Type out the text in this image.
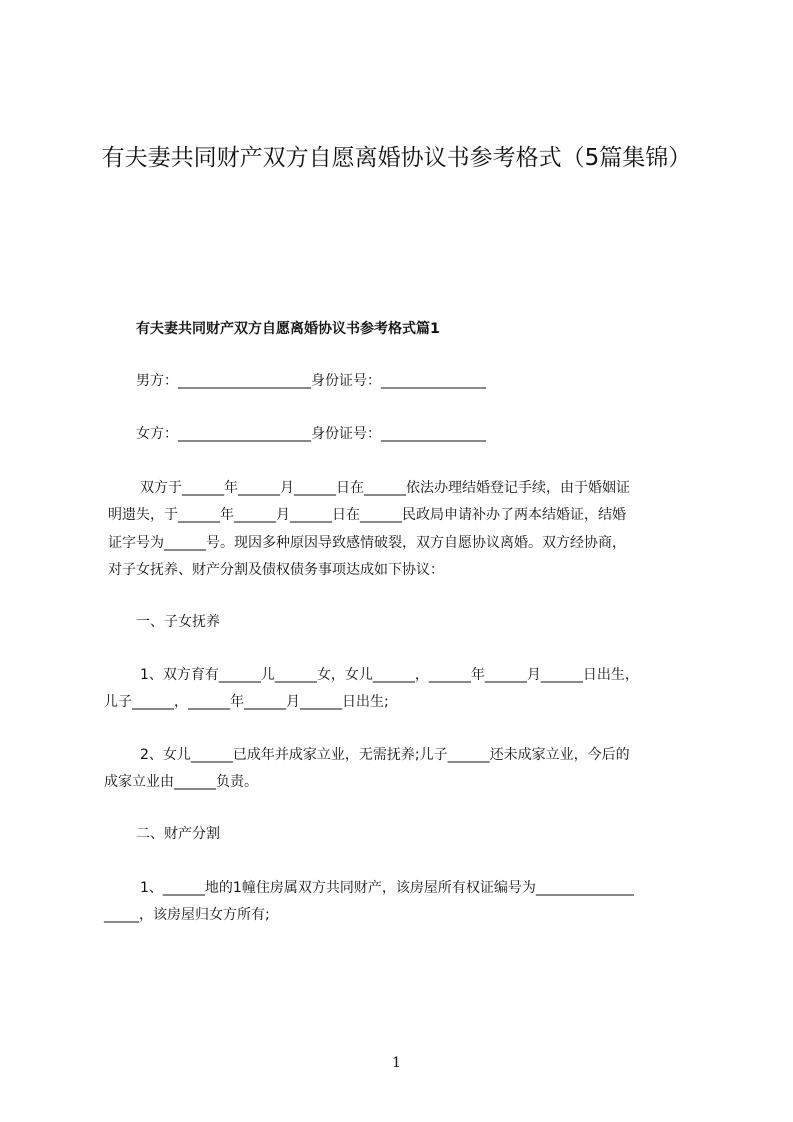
有夫妻共同财产双方自愿离婚协议书参考格式（5篇集锦）
有夫妻共同财产双方自愿离婚协议书参考格式篇1
男方：___________________身份证号：_______________
女方：___________________身份证号：_______________
双方于______年______月______日在______依法办理结婚登记手续，由于婚姻证
明遗失，于______年______月______日在______民政局申请补办了两本结婚证，结婚
证字号为______号。现因多种原因导致感情破裂，双方自愿协议离婚。双方经协商，
对子女抚养、财产分割及债权债务事项达成如下协议：
一、子女抚养
1、双方育有______儿______女，女儿______，______年______月______日出生，
儿子______，______年______月______日出生;
2、女儿______已成年并成家立业，无需抚养;儿子______还未成家立业，今后的
成家立业由______负责。
二、财产分割
1、______地的1幢住房属双方共同财产，该房屋所有权证编号为______________
_____，该房屋归女方所有;
1
